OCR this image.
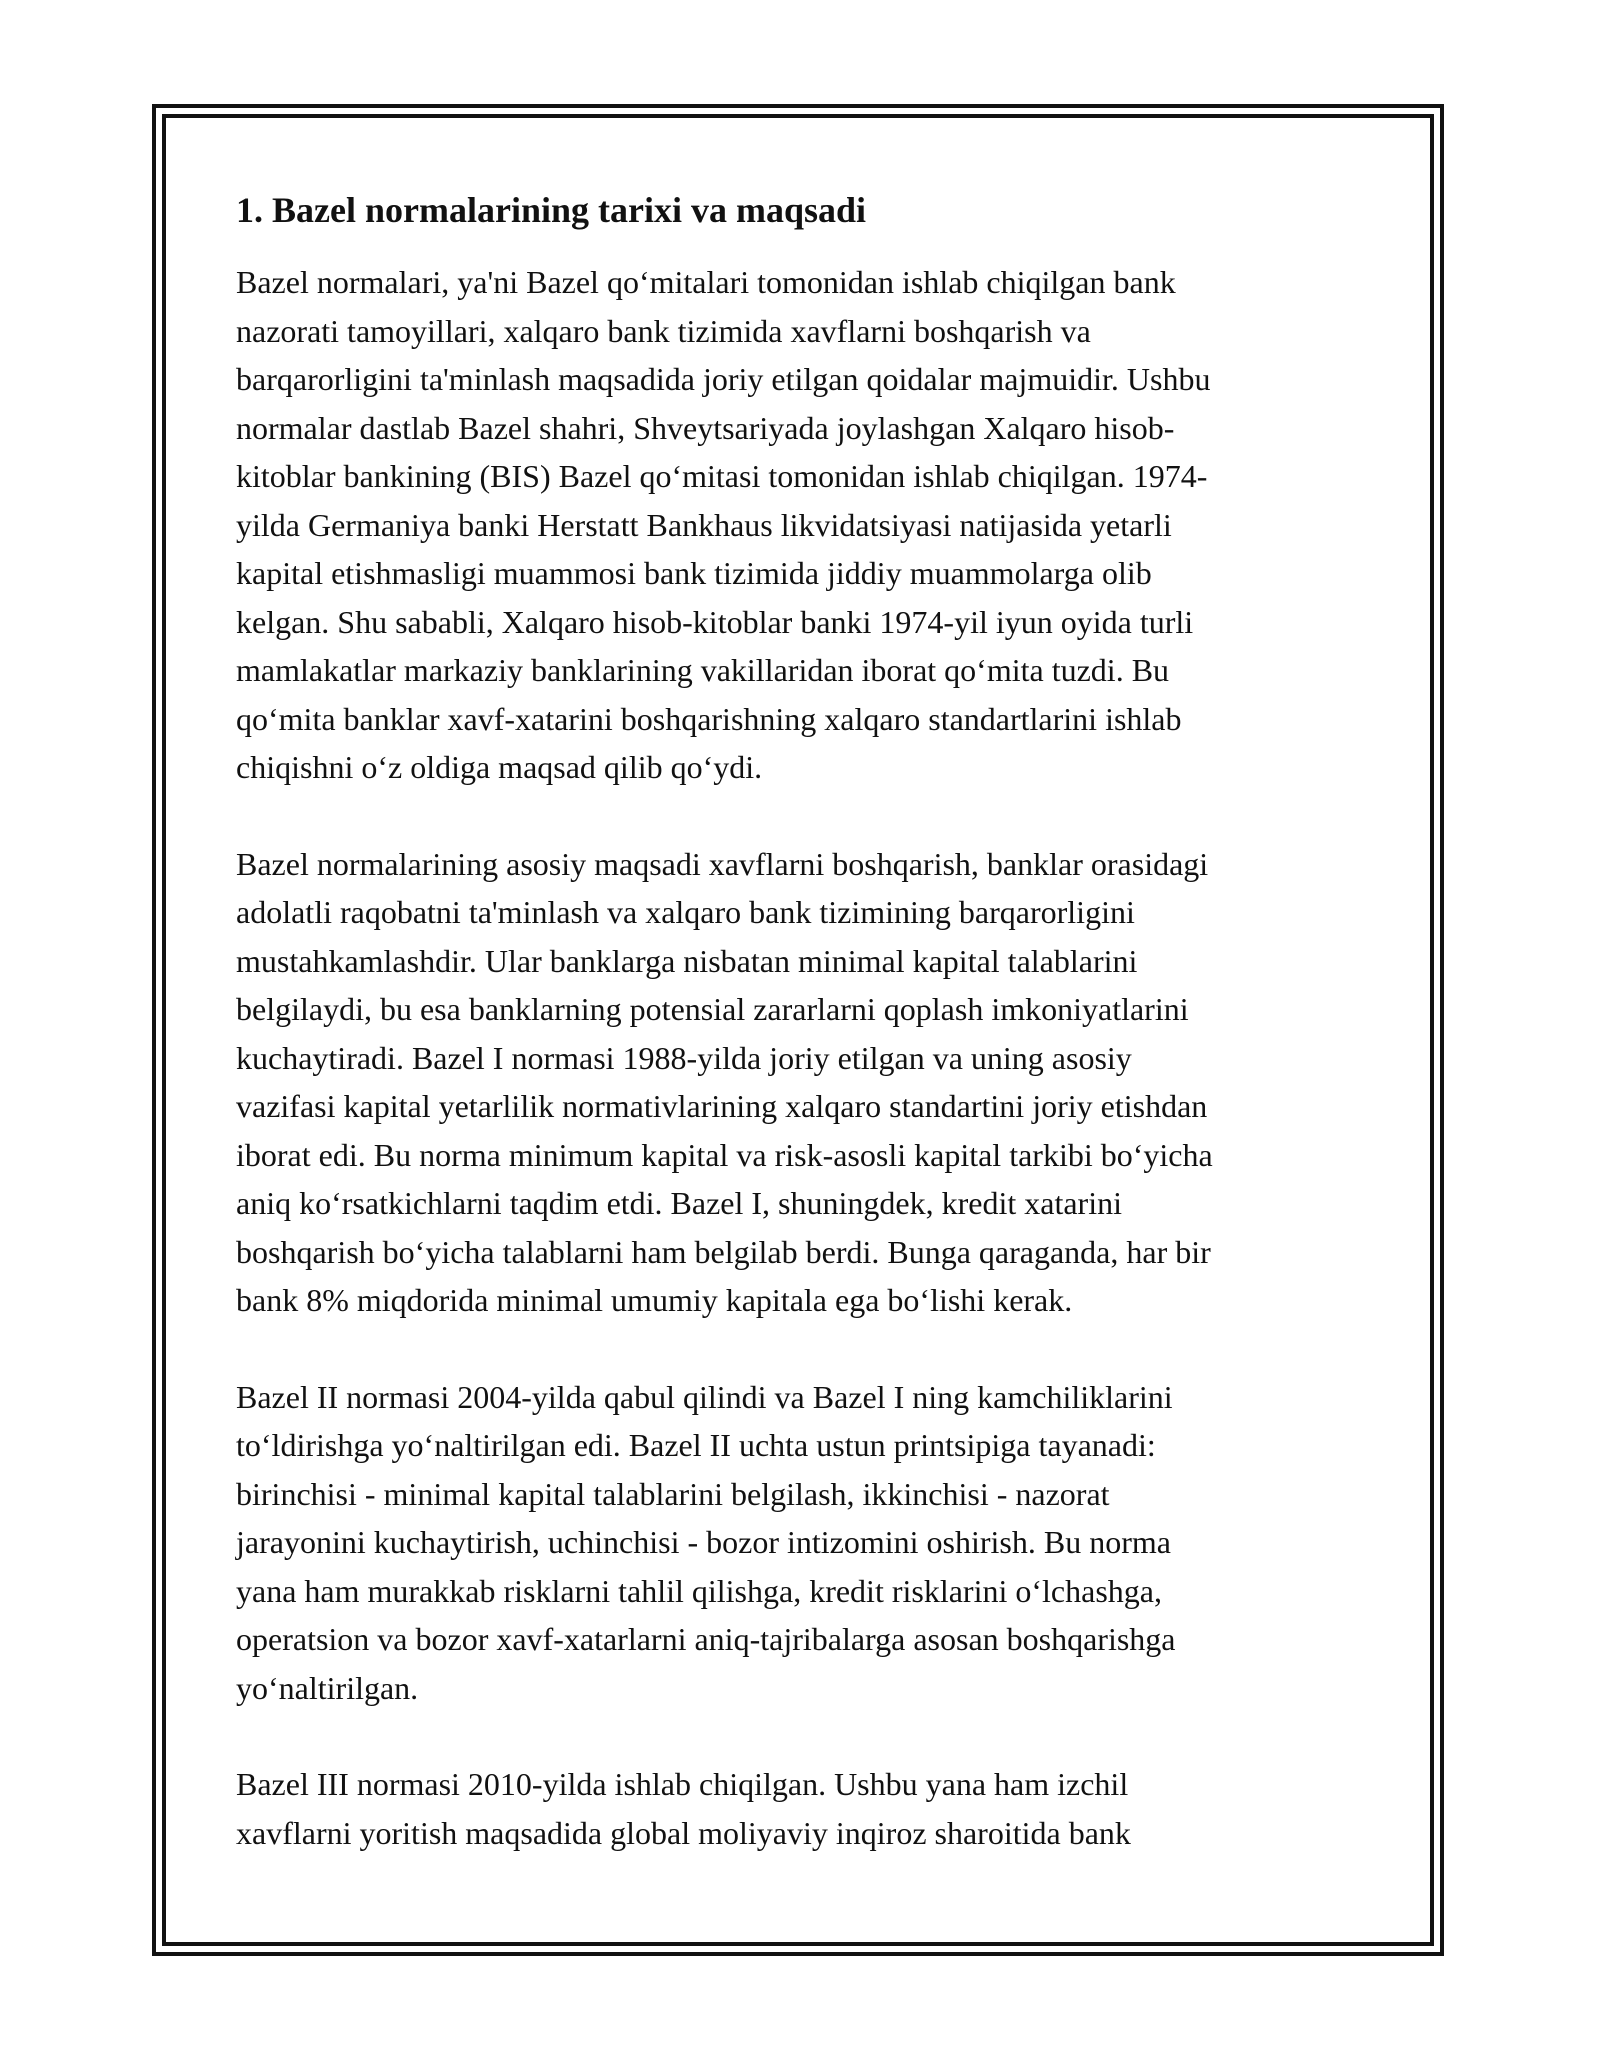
1. Bazel normalarining tarixi va maqsadi
Bazel normalari, ya'ni Bazel qo‘mitalari tomonidan ishlab chiqilgan bank
nazorati tamoyillari, xalqaro bank tizimida xavflarni boshqarish va
barqarorligini ta'minlash maqsadida joriy etilgan qoidalar majmuidir. Ushbu
normalar dastlab Bazel shahri, Shveytsariyada joylashgan Xalqaro hisob-
kitoblar bankining (BIS) Bazel qo‘mitasi tomonidan ishlab chiqilgan. 1974-
yilda Germaniya banki Herstatt Bankhaus likvidatsiyasi natijasida yetarli
kapital etishmasligi muammosi bank tizimida jiddiy muammolarga olib
kelgan. Shu sababli, Xalqaro hisob-kitoblar banki 1974-yil iyun oyida turli
mamlakatlar markaziy banklarining vakillaridan iborat qo‘mita tuzdi. Bu
qo‘mita banklar xavf-xatarini boshqarishning xalqaro standartlarini ishlab
chiqishni o‘z oldiga maqsad qilib qo‘ydi.
Bazel normalarining asosiy maqsadi xavflarni boshqarish, banklar orasidagi
adolatli raqobatni ta'minlash va xalqaro bank tizimining barqarorligini
mustahkamlashdir. Ular banklarga nisbatan minimal kapital talablarini
belgilaydi, bu esa banklarning potensial zararlarni qoplash imkoniyatlarini
kuchaytiradi. Bazel I normasi 1988-yilda joriy etilgan va uning asosiy
vazifasi kapital yetarlilik normativlarining xalqaro standartini joriy etishdan
iborat edi. Bu norma minimum kapital va risk-asosli kapital tarkibi bo‘yicha
aniq ko‘rsatkichlarni taqdim etdi. Bazel I, shuningdek, kredit xatarini
boshqarish bo‘yicha talablarni ham belgilab berdi. Bunga qaraganda, har bir
bank 8% miqdorida minimal umumiy kapitala ega bo‘lishi kerak.
Bazel II normasi 2004-yilda qabul qilindi va Bazel I ning kamchiliklarini
to‘ldirishga yo‘naltirilgan edi. Bazel II uchta ustun printsipiga tayanadi:
birinchisi - minimal kapital talablarini belgilash, ikkinchisi - nazorat
jarayonini kuchaytirish, uchinchisi - bozor intizomini oshirish. Bu norma
yana ham murakkab risklarni tahlil qilishga, kredit risklarini o‘lchashga,
operatsion va bozor xavf-xatarlarni aniq-tajribalarga asosan boshqarishga
yo‘naltirilgan.
Bazel III normasi 2010-yilda ishlab chiqilgan. Ushbu yana ham izchil
xavflarni yoritish maqsadida global moliyaviy inqiroz sharoitida bank
